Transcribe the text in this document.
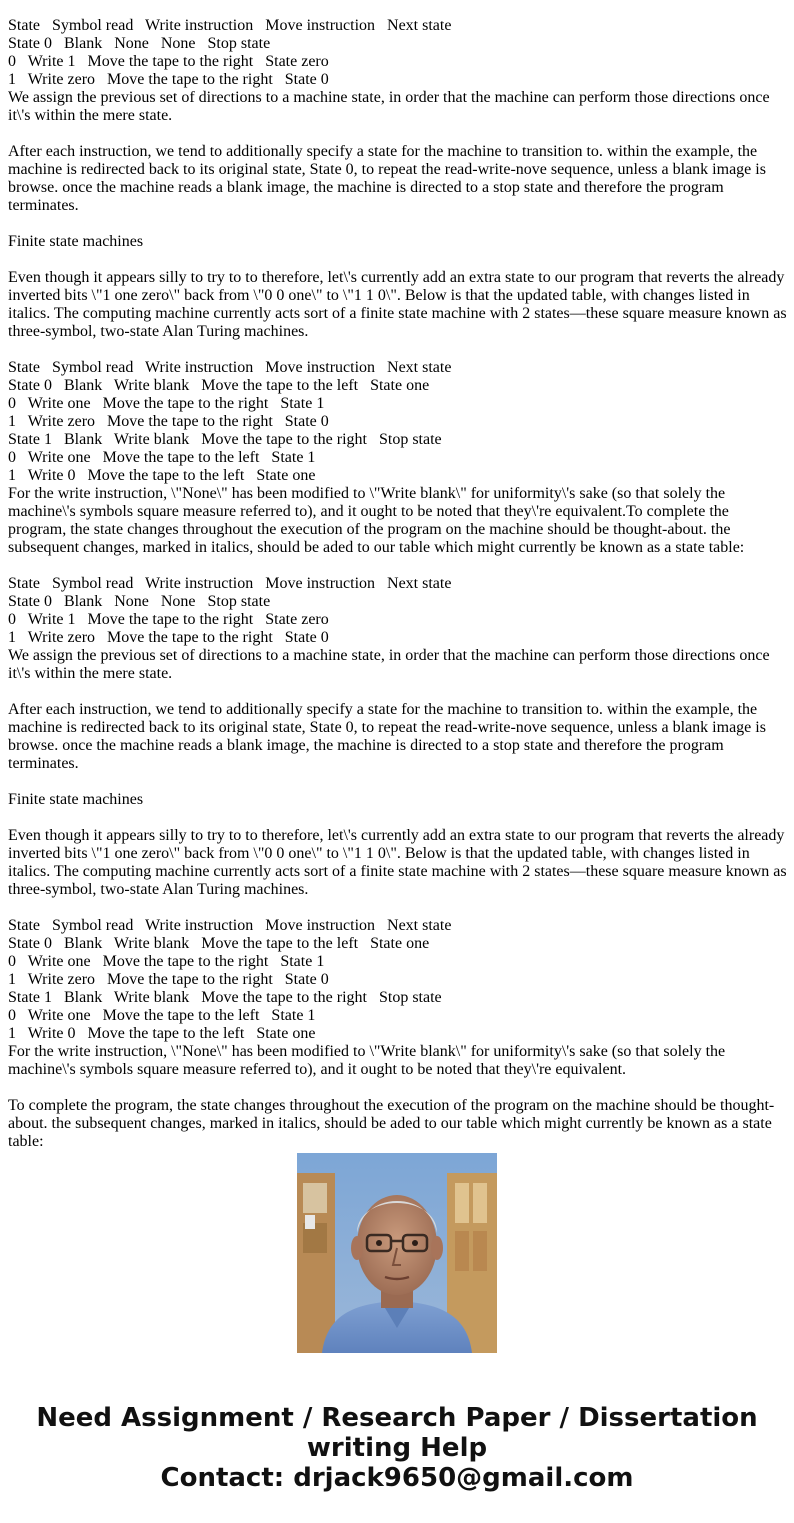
State   Symbol read   Write instruction   Move instruction   Next state
State 0   Blank   None   None   Stop state
0   Write 1   Move the tape to the right   State zero
1   Write zero   Move the tape to the right   State 0

We assign the previous set of directions to a machine state, in order that the machine can perform those directions once it\'s within the mere state.

After each instruction, we tend to additionally specify a state for the machine to transition to. within the example, the machine is redirected back to its original state, State 0, to repeat the read-write-nove sequence, unless a blank image is browse. once the machine reads a blank image, the machine is directed to a stop state and therefore the program terminates.

Finite state machines

Even though it appears silly to try to to therefore, let\'s currently add an extra state to our program that reverts the already inverted bits \"1 one zero\" back from \"0 0 one\" to \"1 1 0\". Below is that the updated table, with changes listed in italics. The computing machine currently acts sort of a finite state machine with 2 states—these square measure known as three-symbol, two-state Alan Turing machines.

State   Symbol read   Write instruction   Move instruction   Next state
State 0   Blank   Write blank   Move the tape to the left   State one
0   Write one   Move the tape to the right   State 1
1   Write zero   Move the tape to the right   State 0
State 1   Blank   Write blank   Move the tape to the right   Stop state
0   Write one   Move the tape to the left   State 1
1   Write 0   Move the tape to the left   State one

For the write instruction, \"None\" has been modified to \"Write blank\" for uniformity\'s sake (so that solely the machine\'s symbols square measure referred to), and it ought to be noted that they\'re equivalent.To complete the program, the state changes throughout the execution of the program on the machine should be thought-about. the subsequent changes, marked in italics, should be aded to our table which might currently be known as a state table:

State   Symbol read   Write instruction   Move instruction   Next state
State 0   Blank   None   None   Stop state
0   Write 1   Move the tape to the right   State zero
1   Write zero   Move the tape to the right   State 0

We assign the previous set of directions to a machine state, in order that the machine can perform those directions once it\'s within the mere state.

After each instruction, we tend to additionally specify a state for the machine to transition to. within the example, the machine is redirected back to its original state, State 0, to repeat the read-write-nove sequence, unless a blank image is browse. once the machine reads a blank image, the machine is directed to a stop state and therefore the program terminates.

Finite state machines

Even though it appears silly to try to to therefore, let\'s currently add an extra state to our program that reverts the already inverted bits \"1 one zero\" back from \"0 0 one\" to \"1 1 0\". Below is that the updated table, with changes listed in italics. The computing machine currently acts sort of a finite state machine with 2 states—these square measure known as three-symbol, two-state Alan Turing machines.

State   Symbol read   Write instruction   Move instruction   Next state
State 0   Blank   Write blank   Move the tape to the left   State one
0   Write one   Move the tape to the right   State 1
1   Write zero   Move the tape to the right   State 0
State 1   Blank   Write blank   Move the tape to the right   Stop state
0   Write one   Move the tape to the left   State 1
1   Write 0   Move the tape to the left   State one

For the write instruction, \"None\" has been modified to \"Write blank\" for uniformity\'s sake (so that solely the machine\'s symbols square measure referred to), and it ought to be noted that they\'re equivalent.

To complete the program, the state changes throughout the execution of the program on the machine should be thought-about. the subsequent changes, marked in italics, should be aded to our table which might currently be known as a state table:

Need Assignment / Research Paper / Dissertation
writing Help
Contact: drjack9650@gmail.com
